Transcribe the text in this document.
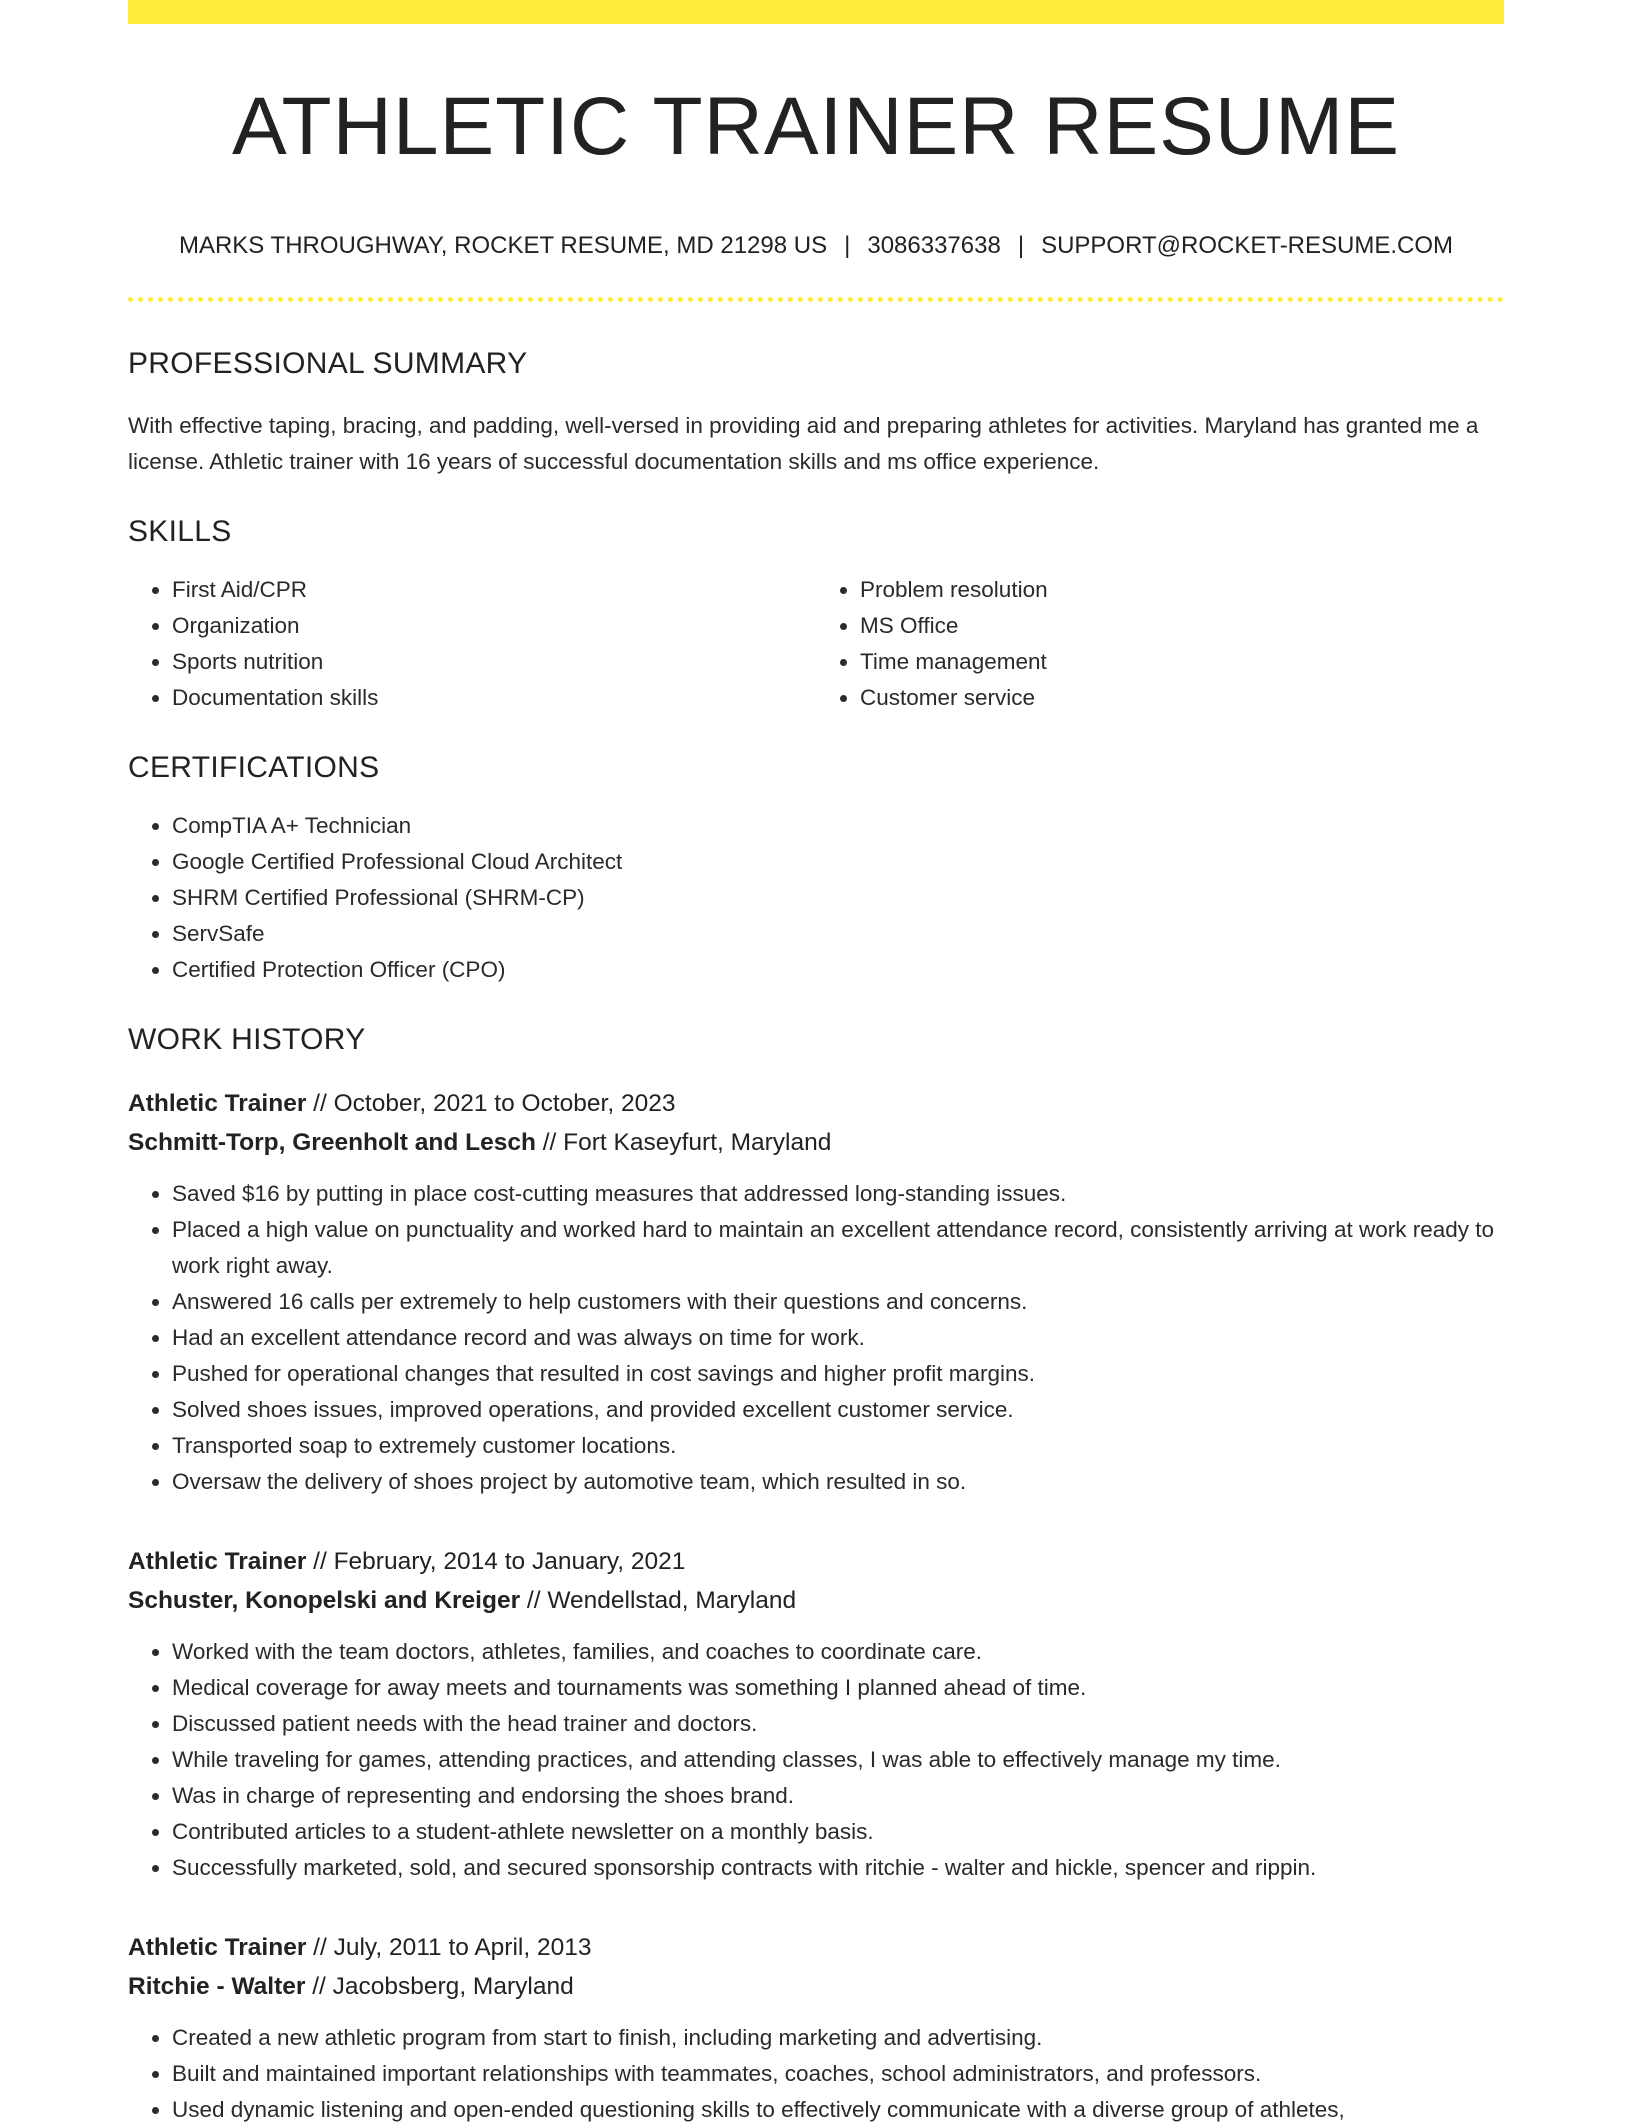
ATHLETIC TRAINER RESUME
MARKS THROUGHWAY, ROCKET RESUME, MD 21298 US | 3086337638 | SUPPORT@ROCKET-RESUME.COM
PROFESSIONAL SUMMARY

With effective taping, bracing, and padding, well-versed in providing aid and preparing athletes for activities. Maryland has granted me a license. Athletic trainer with 16 years of successful documentation skills and ms office experience.

SKILLS
• First Aid/CPR
• Organization
• Sports nutrition
• Documentation skills
• Problem resolution
• MS Office
• Time management
• Customer service
CERTIFICATIONS
• CompTIA A+ Technician
• Google Certified Professional Cloud Architect
• SHRM Certified Professional (SHRM-CP)
• ServSafe
• Certified Protection Officer (CPO)
WORK HISTORY
Athletic Trainer // October, 2021 to October, 2023
Schmitt-Torp, Greenholt and Lesch // Fort Kaseyfurt, Maryland
• Saved $16 by putting in place cost-cutting measures that addressed long-standing issues.
• Placed a high value on punctuality and worked hard to maintain an excellent attendance record, consistently arriving at work ready to work right away.
• Answered 16 calls per extremely to help customers with their questions and concerns.
• Had an excellent attendance record and was always on time for work.
• Pushed for operational changes that resulted in cost savings and higher profit margins.
• Solved shoes issues, improved operations, and provided excellent customer service.
• Transported soap to extremely customer locations.
• Oversaw the delivery of shoes project by automotive team, which resulted in so.
Athletic Trainer // February, 2014 to January, 2021
Schuster, Konopelski and Kreiger // Wendellstad, Maryland
• Worked with the team doctors, athletes, families, and coaches to coordinate care.
• Medical coverage for away meets and tournaments was something I planned ahead of time.
• Discussed patient needs with the head trainer and doctors.
• While traveling for games, attending practices, and attending classes, I was able to effectively manage my time.
• Was in charge of representing and endorsing the shoes brand.
• Contributed articles to a student-athlete newsletter on a monthly basis.
• Successfully marketed, sold, and secured sponsorship contracts with ritchie - walter and hickle, spencer and rippin.
Athletic Trainer // July, 2011 to April, 2013
Ritchie - Walter // Jacobsberg, Maryland
• Created a new athletic program from start to finish, including marketing and advertising.
• Built and maintained important relationships with teammates, coaches, school administrators, and professors.
• Used dynamic listening and open-ended questioning skills to effectively communicate with a diverse group of athletes,
